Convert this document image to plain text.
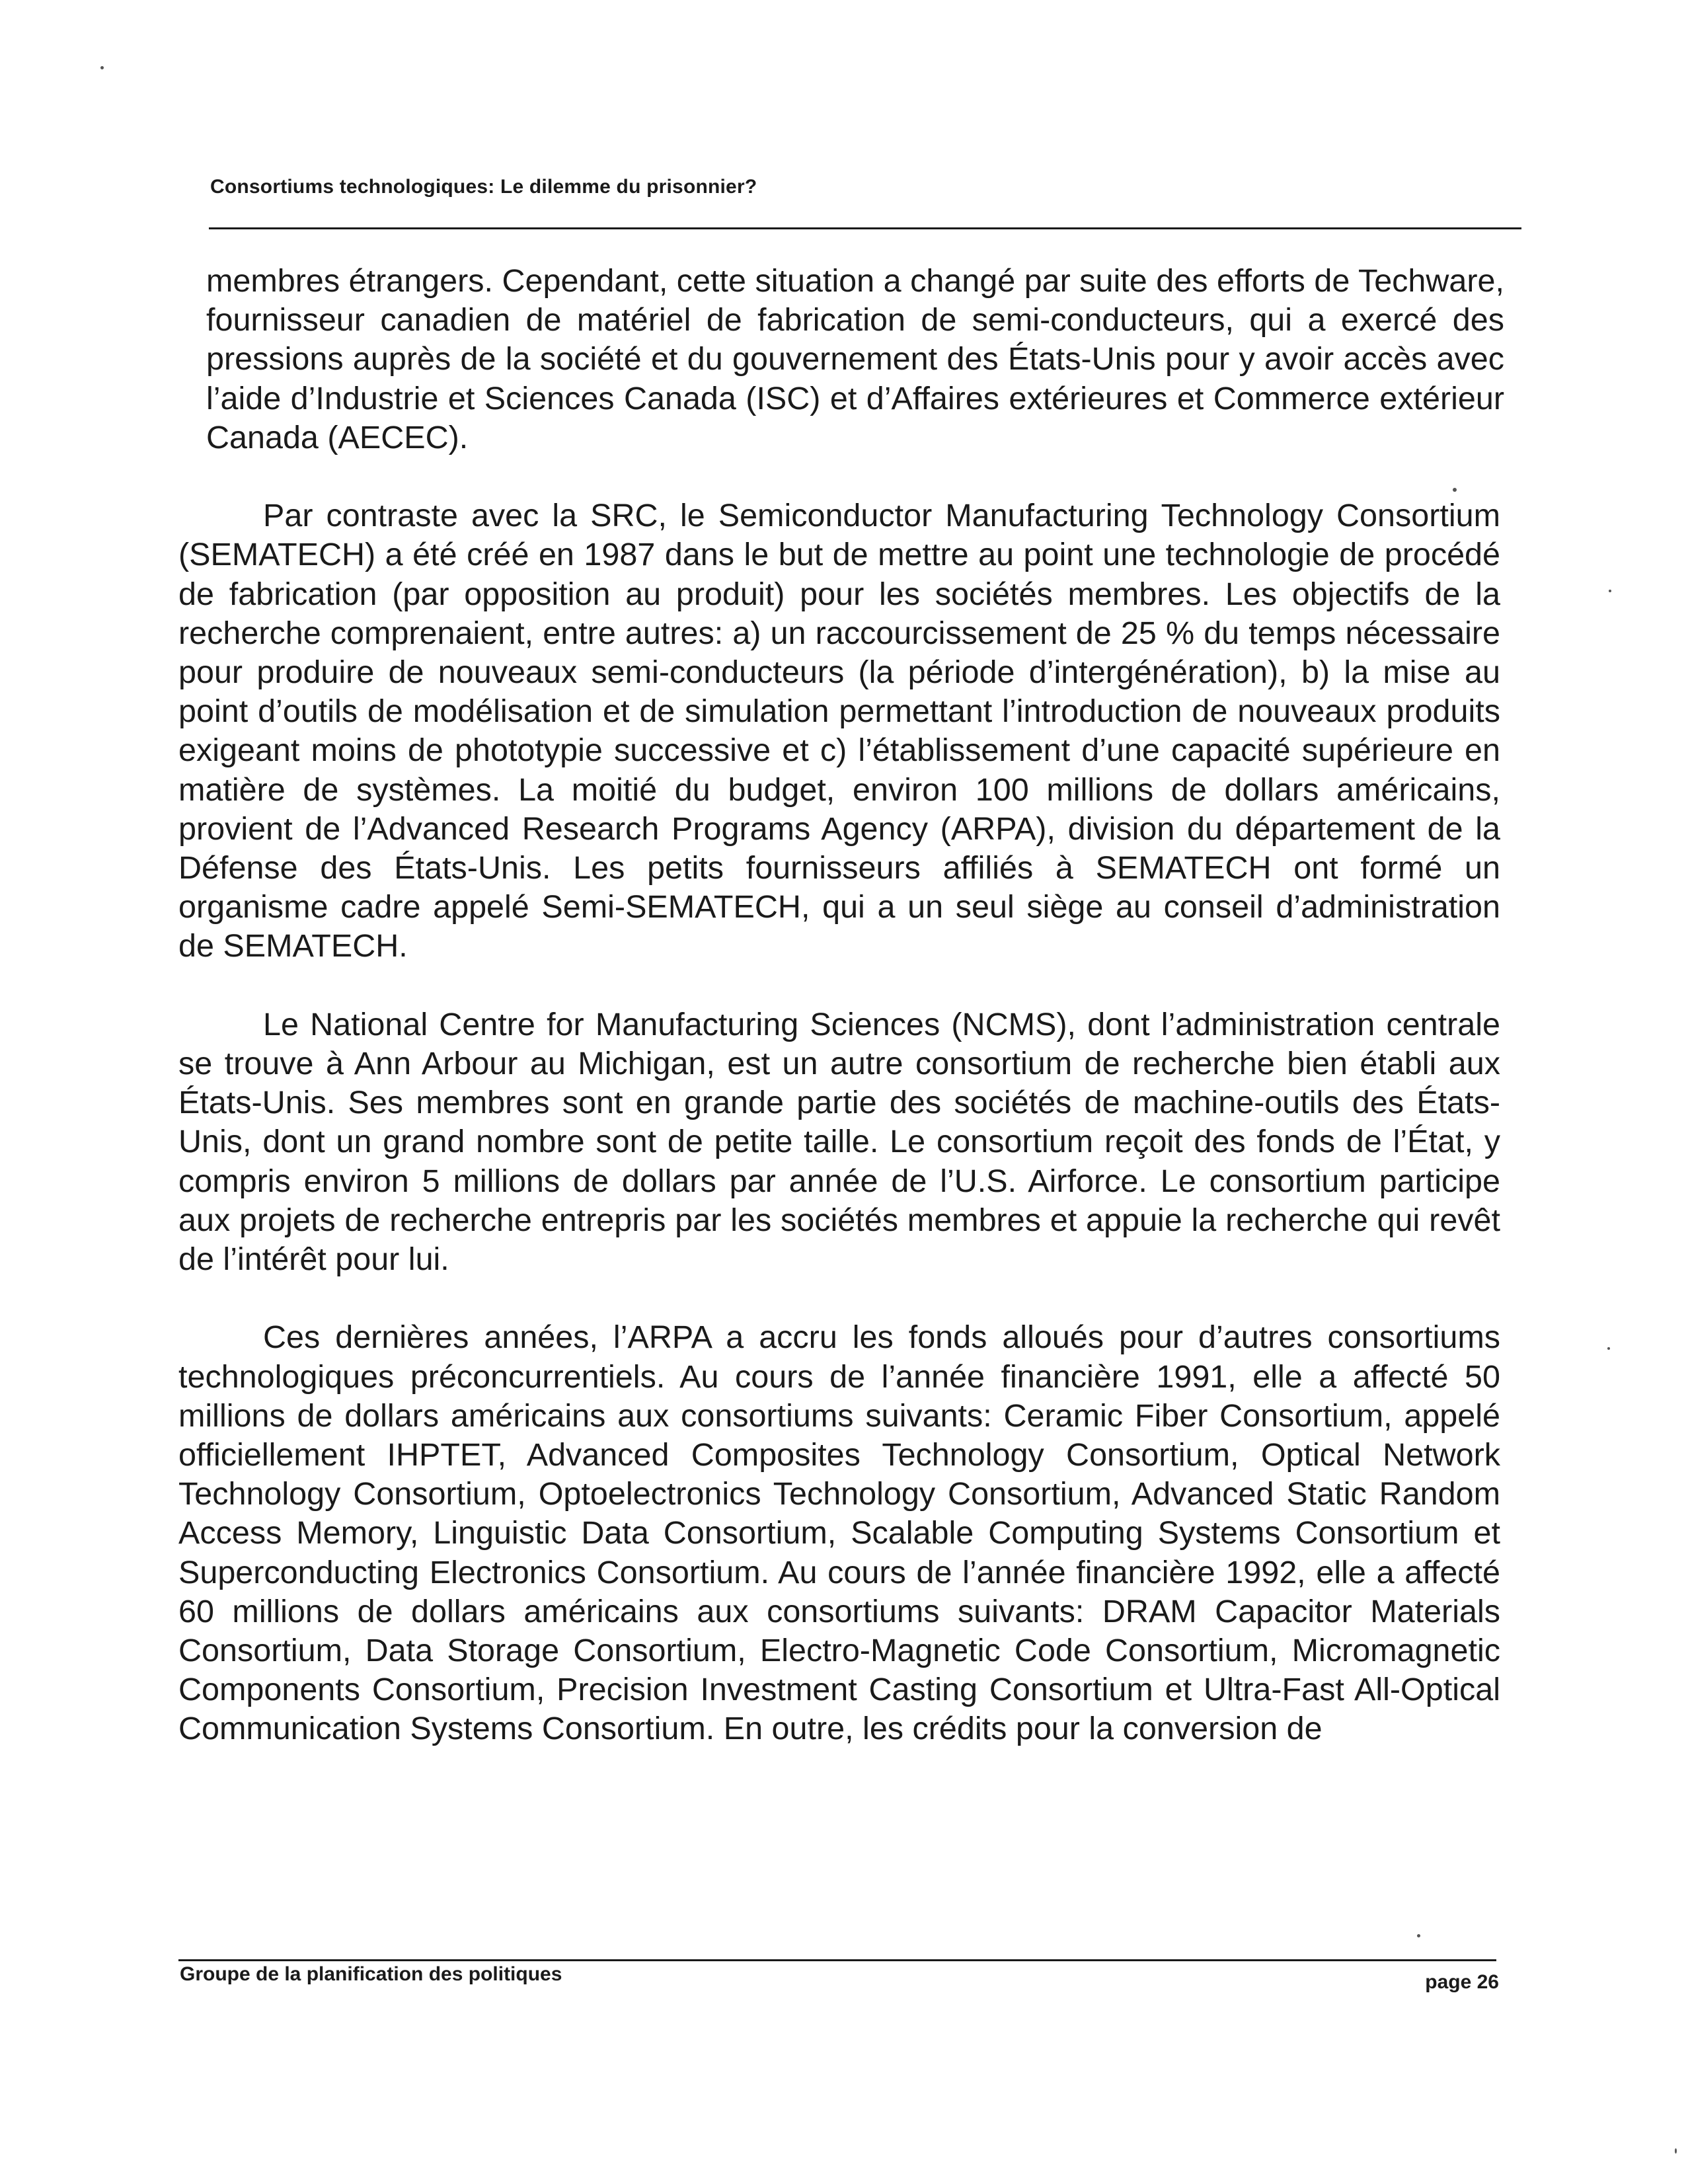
Consortiums technologiques: Le dilemme du prisonnier?

membres étrangers. Cependant, cette situation a changé par suite des efforts de Techware, fournisseur canadien de matériel de fabrication de semi-conducteurs, qui a exercé des pressions auprès de la société et du gouvernement des États-Unis pour y avoir accès avec l’aide d’Industrie et Sciences Canada (ISC) et d’Affaires extérieures et Commerce extérieur Canada (AECEC).

Par contraste avec la SRC, le Semiconductor Manufacturing Technology Consortium (SEMATECH) a été créé en 1987 dans le but de mettre au point une technologie de procédé de fabrication (par opposition au produit) pour les sociétés membres. Les objectifs de la recherche comprenaient, entre autres: a) un raccourcissement de 25 % du temps nécessaire pour produire de nouveaux semi-conducteurs (la période d’intergénération), b) la mise au point d’outils de modélisation et de simulation permettant l’introduction de nouveaux produits exigeant moins de phototypie successive et c) l’établissement d’une capacité supérieure en matière de systèmes. La moitié du budget, environ 100 millions de dollars américains, provient de l’Advanced Research Programs Agency (ARPA), division du département de la Défense des États-Unis. Les petits fournisseurs affiliés à SEMATECH ont formé un organisme cadre appelé Semi-SEMATECH, qui a un seul siège au conseil d’administration de SEMATECH.

Le National Centre for Manufacturing Sciences (NCMS), dont l’administration centrale se trouve à Ann Arbour au Michigan, est un autre consortium de recherche bien établi aux États-Unis. Ses membres sont en grande partie des sociétés de machine-outils des États-Unis, dont un grand nombre sont de petite taille. Le consortium reçoit des fonds de l’État, y compris environ 5 millions de dollars par année de l’U.S. Airforce. Le consortium participe aux projets de recherche entrepris par les sociétés membres et appuie la recherche qui revêt de l’intérêt pour lui.

Ces dernières années, l’ARPA a accru les fonds alloués pour d’autres consortiums technologiques préconcurrentiels. Au cours de l’année financière 1991, elle a affecté 50 millions de dollars américains aux consortiums suivants: Ceramic Fiber Consortium, appelé officiellement IHPTET, Advanced Composites Technology Consortium, Optical Network Technology Consortium, Optoelectronics Technology Consortium, Advanced Static Random Access Memory, Linguistic Data Consortium, Scalable Computing Systems Consortium et Superconducting Electronics Consortium. Au cours de l’année financière 1992, elle a affecté 60 millions de dollars américains aux consortiums suivants: DRAM Capacitor Materials Consortium, Data Storage Consortium, Electro-Magnetic Code Consortium, Micromagnetic Components Consortium, Precision Investment Casting Consortium et Ultra-Fast All-Optical Communication Systems Consortium. En outre, les crédits pour la conversion de

Groupe de la planification des politiques	page 26
